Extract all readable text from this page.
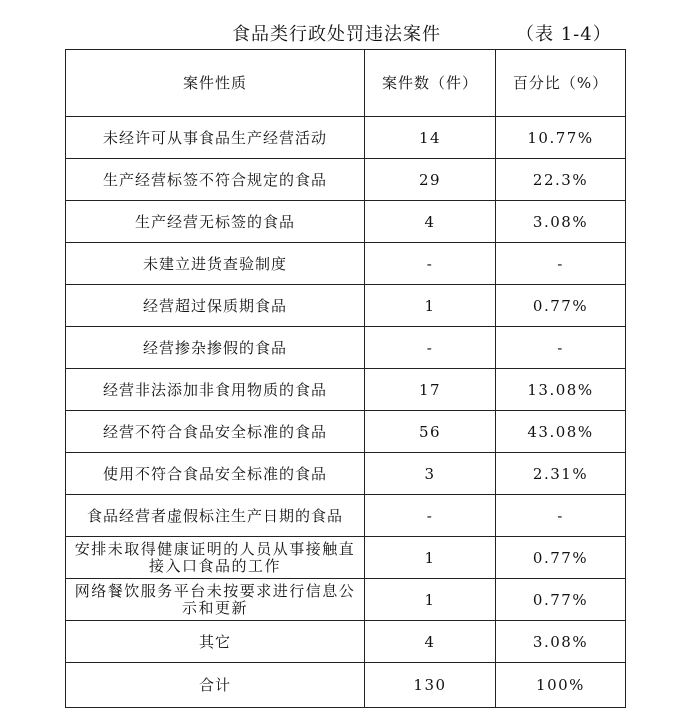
食品类行政处罚违法案件	（表 1-4）
案件性质	案件数（件）	百分比（%）
未经许可从事食品生产经营活动	14	10.77%
生产经营标签不符合规定的食品	29	22.3%
生产经营无标签的食品	4	3.08%
未建立进货查验制度	-	-
经营超过保质期食品	1	0.77%
经营掺杂掺假的食品	-	-
经营非法添加非食用物质的食品	17	13.08%
经营不符合食品安全标准的食品	56	43.08%
使用不符合食品安全标准的食品	3	2.31%
食品经营者虚假标注生产日期的食品	-	-
安排未取得健康证明的人员从事接触直接入口食品的工作	1	0.77%
网络餐饮服务平台未按要求进行信息公示和更新	1	0.77%
其它	4	3.08%
合计	130	100%
